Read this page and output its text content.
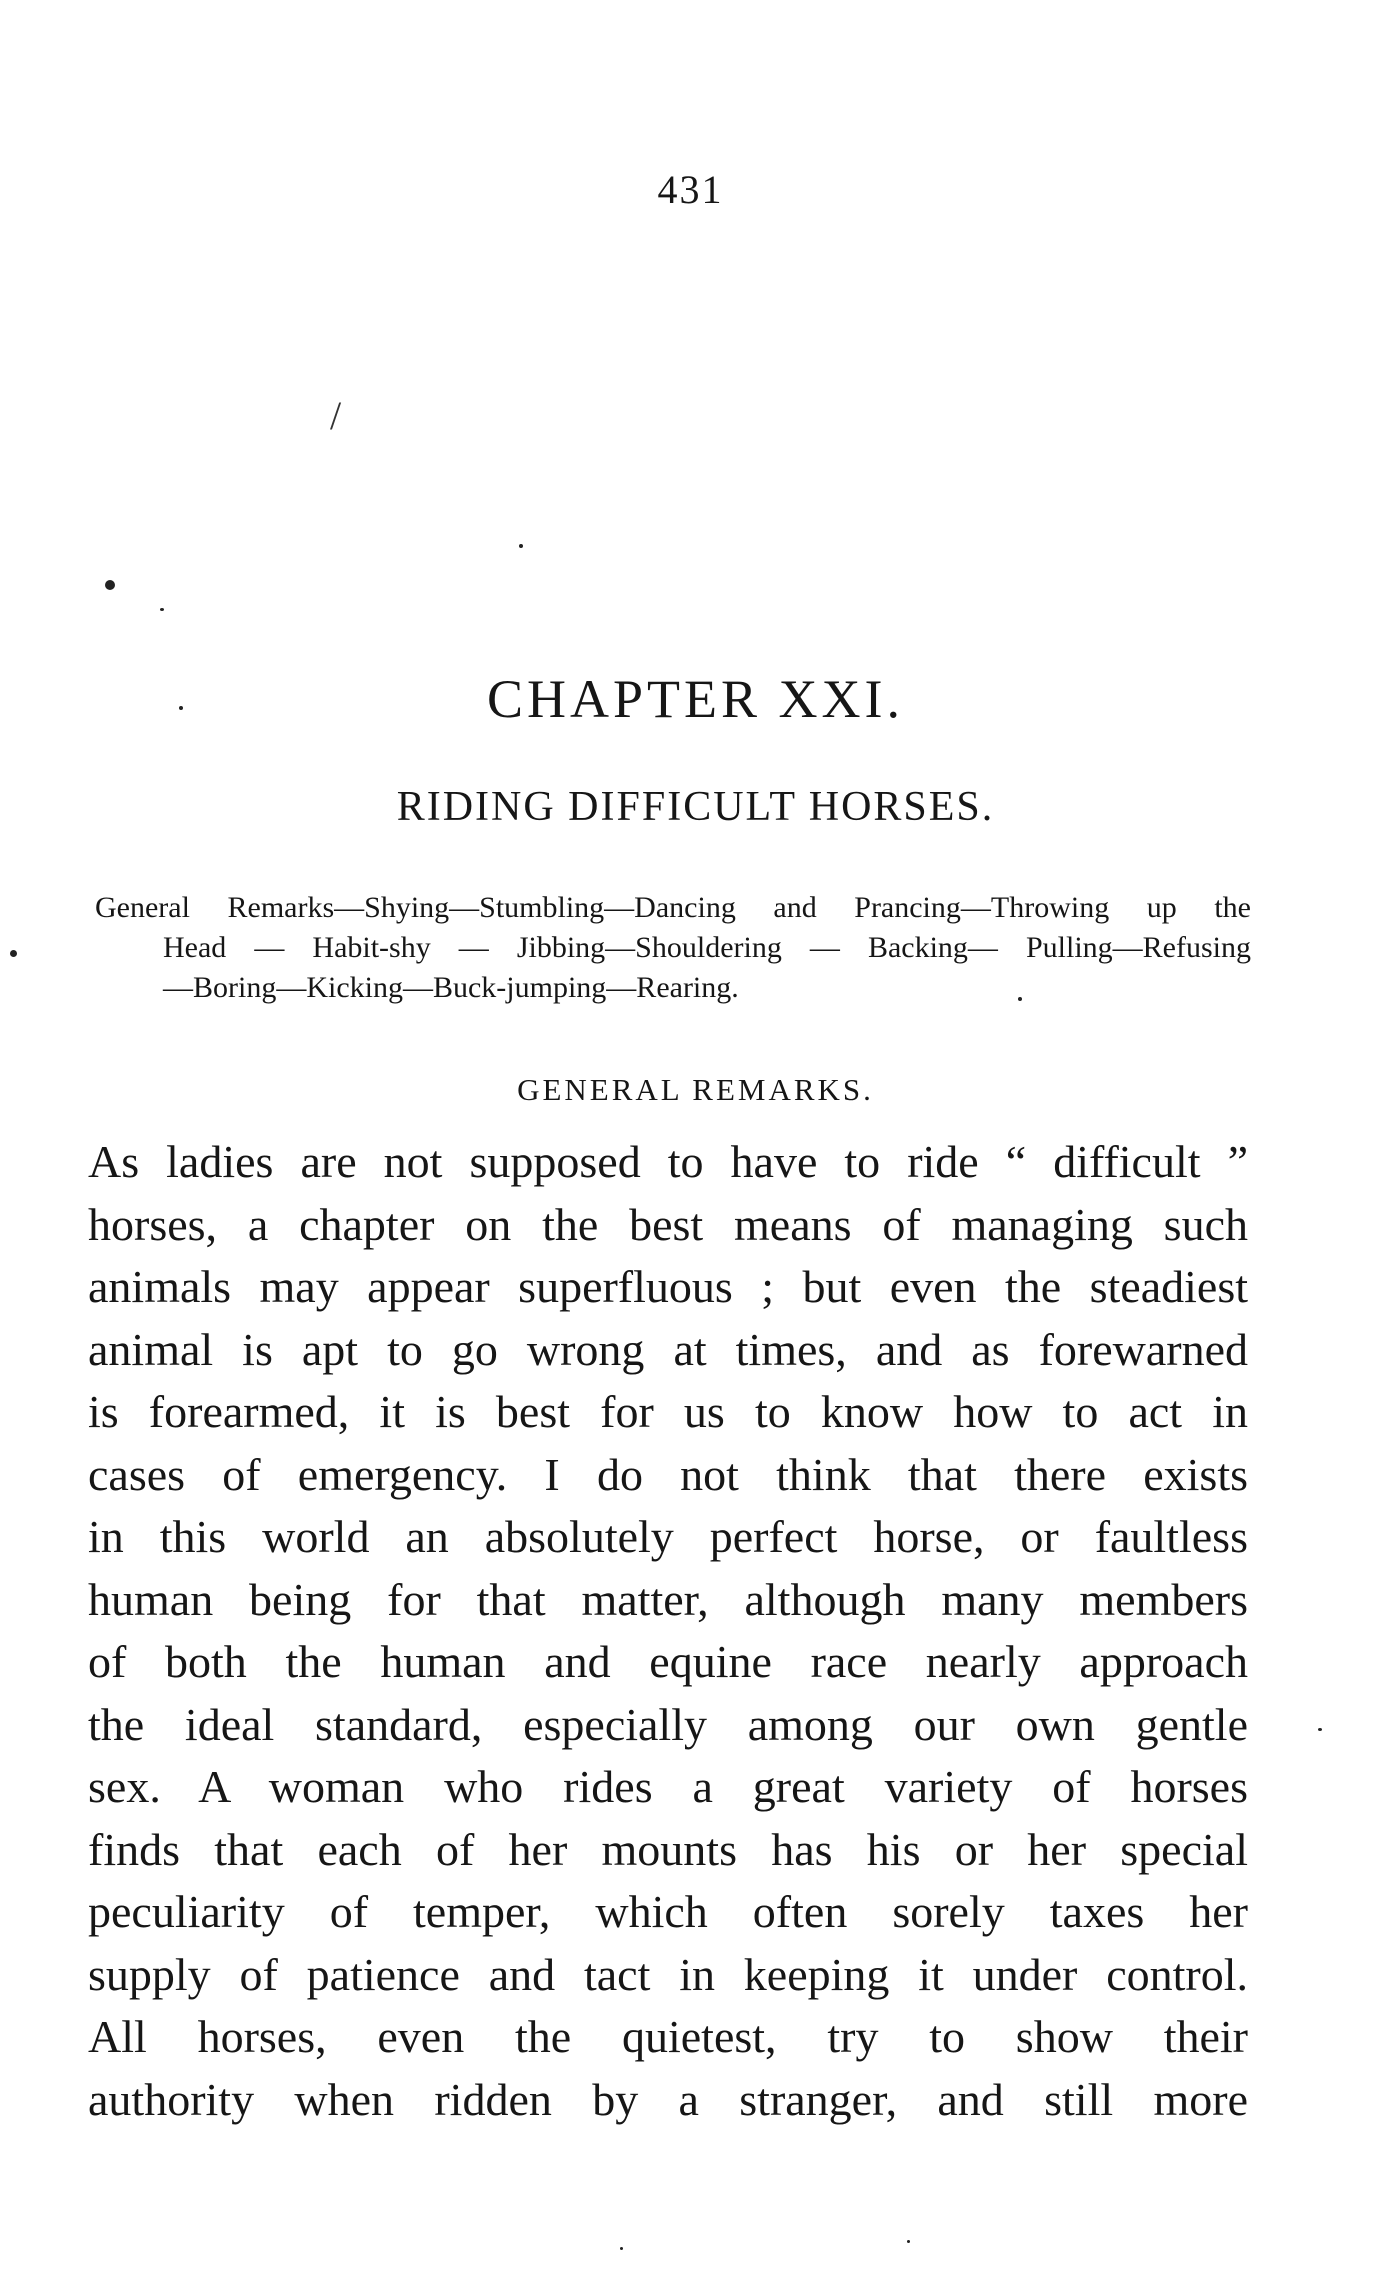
431
/
CHAPTER XXI.
RIDING DIFFICULT HORSES.
General Remarks—Shying—Stumbling—Dancing and Prancing—Throwing up the
Head — Habit-shy — Jibbing—Shouldering — Backing— Pulling—Refusing
—Boring—Kicking—Buck-jumping—Rearing.
GENERAL REMARKS.
As ladies are not supposed to have to ride “ difficult ”
horses, a chapter on the best means of managing such
animals may appear superfluous ; but even the steadiest
animal is apt to go wrong at times, and as forewarned
is forearmed, it is best for us to know how to act in
cases of emergency. I do not think that there exists
in this world an absolutely perfect horse, or faultless
human being for that matter, although many members
of both the human and equine race nearly approach
the ideal standard, especially among our own gentle
sex. A woman who rides a great variety of horses
finds that each of her mounts has his or her special
peculiarity of temper, which often sorely taxes her
supply of patience and tact in keeping it under control.
All horses, even the quietest, try to show their
authority when ridden by a stranger, and still more
